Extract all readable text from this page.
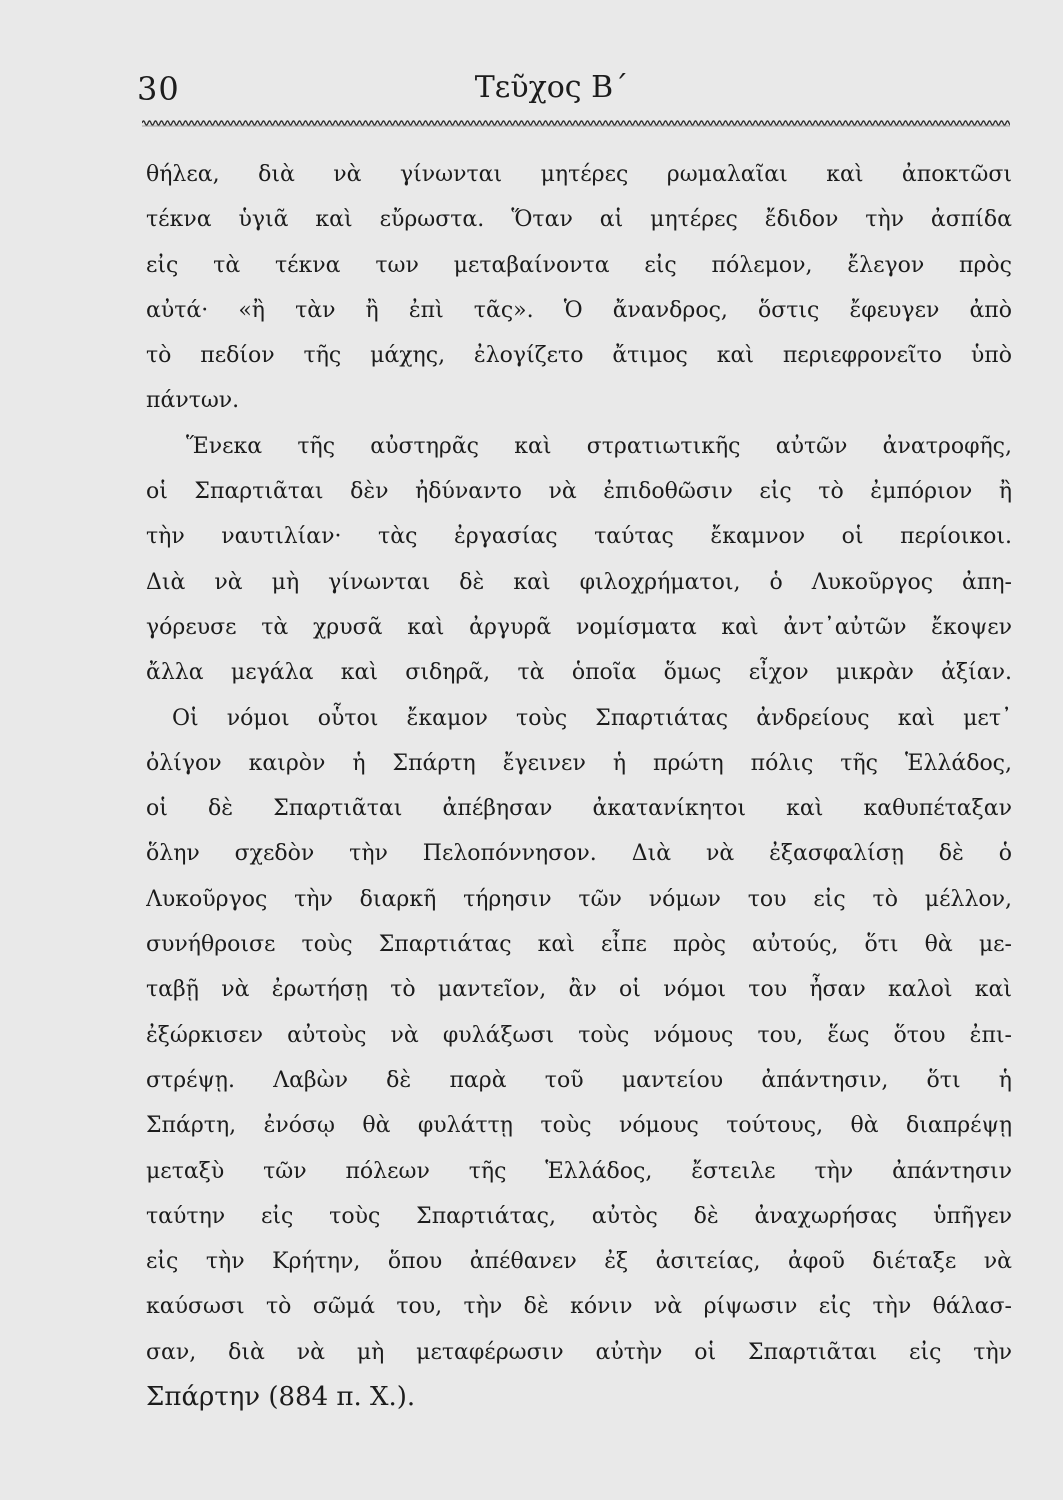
30	Τεῦχος Β΄

θήλεα, διὰ νὰ γίνωνται μητέρες ρωμαλαῖαι καὶ ἀποκτῶσι

τέκνα ὑγιᾶ καὶ εὔρωστα. Ὅταν αἱ μητέρες ἔδιδον τὴν ἀσπίδα

εἰς τὰ τέκνα των μεταβαίνοντα εἰς πόλεμον, ἔλεγον πρὸς

αὐτά· «ἢ τὰν ἢ ἐπὶ τᾶς». Ὁ ἄνανδρος, ὅστις ἔφευγεν ἀπὸ

τὸ πεδίον τῆς μάχης, ἐλογίζετο ἄτιμος καὶ περιεφρονεῖτο ὑπὸ

πάντων.

Ἕνεκα τῆς αὐστηρᾶς καὶ στρατιωτικῆς αὐτῶν ἀνατροφῆς,

οἱ Σπαρτιᾶται δὲν ἠδύναντο νὰ ἐπιδοθῶσιν εἰς τὸ ἐμπόριον ἢ

τὴν ναυτιλίαν· τὰς ἐργασίας ταύτας ἔκαμνον οἱ περίοικοι.

Διὰ νὰ μὴ γίνωνται δὲ καὶ φιλοχρήματοι, ὁ Λυκοῦργος ἀπη-

γόρευσε τὰ χρυσᾶ καὶ ἀργυρᾶ νομίσματα καὶ ἀντ᾽αὐτῶν ἔκοψεν

ἄλλα μεγάλα καὶ σιδηρᾶ, τὰ ὁποῖα ὅμως εἶχον μικρὰν ἀξίαν.

Οἱ νόμοι οὗτοι ἔκαμον τοὺς Σπαρτιάτας ἀνδρείους καὶ μετ᾽

ὀλίγον καιρὸν ἡ Σπάρτη ἔγεινεν ἡ πρώτη πόλις τῆς Ἑλλάδος,

οἱ δὲ Σπαρτιᾶται ἀπέβησαν ἀκατανίκητοι καὶ καθυπέταξαν

ὅλην σχεδὸν τὴν Πελοπόννησον. Διὰ νὰ ἐξασφαλίσῃ δὲ ὁ

Λυκοῦργος τὴν διαρκῆ τήρησιν τῶν νόμων του εἰς τὸ μέλλον,

συνήθροισε τοὺς Σπαρτιάτας καὶ εἶπε πρὸς αὐτούς, ὅτι θὰ με-

ταβῇ νὰ ἐρωτήσῃ τὸ μαντεῖον, ἂν οἱ νόμοι του ἦσαν καλοὶ καὶ

ἐξώρκισεν αὐτοὺς νὰ φυλάξωσι τοὺς νόμους του, ἕως ὅτου ἐπι-

στρέψῃ. Λαβὼν δὲ παρὰ τοῦ μαντείου ἀπάντησιν, ὅτι ἡ

Σπάρτη, ἐνόσῳ θὰ φυλάττῃ τοὺς νόμους τούτους, θὰ διαπρέψῃ

μεταξὺ τῶν πόλεων τῆς Ἑλλάδος, ἔστειλε τὴν ἀπάντησιν

ταύτην εἰς τοὺς Σπαρτιάτας, αὐτὸς δὲ ἀναχωρήσας ὑπῆγεν

εἰς τὴν Κρήτην, ὅπου ἀπέθανεν ἐξ ἀσιτείας, ἀφοῦ διέταξε νὰ

καύσωσι τὸ σῶμά του, τὴν δὲ κόνιν νὰ ρίψωσιν εἰς τὴν θάλασ-

σαν, διὰ νὰ μὴ μεταφέρωσιν αὐτὴν οἱ Σπαρτιᾶται εἰς τὴν

Σπάρτην (884 π. Χ.).
